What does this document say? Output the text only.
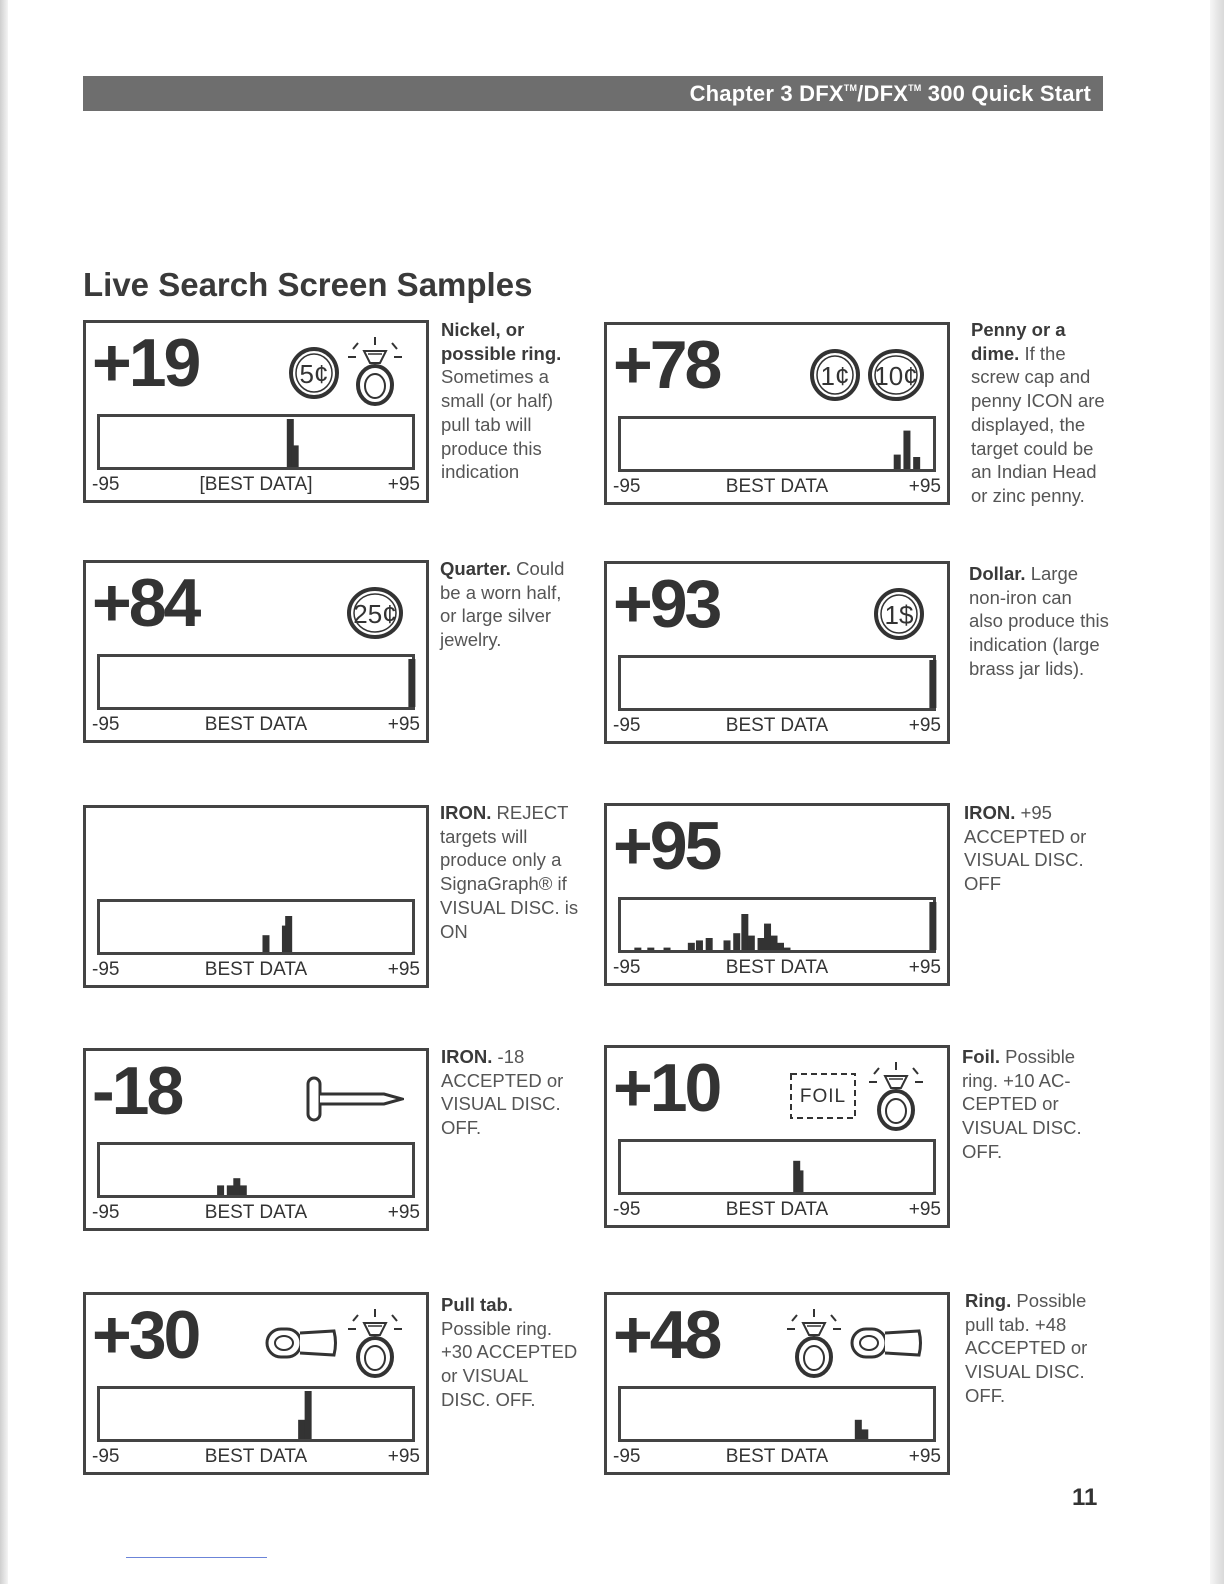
Chapter 3 DFX™/DFX™ 300 Quick Start
Live Search Screen Samples
+19	5¢
[BEST DATA]
-95	+95
Nickel, or possible ring. Sometimes a small (or half) pull tab will produce this indication
+78	1¢ 10¢
BEST DATA
-95	+95
Penny or a dime. If the screw cap and penny ICON are displayed, the target could be an Indian Head or zinc penny.
+84	25¢
BEST DATA
-95	+95
Quarter. Could be a worn half, or large silver jewelry.	+93	1$
BEST DATA
-95	+95
Dollar. Large non-iron can also produce this indication (large brass jar lids).
BEST DATA
-95	+95
IRON. REJECT targets will produce only a SignaGraph® if VISUAL DISC. is ON
+95
BEST DATA
-95	+95
IRON. +95 ACCEPTED or VISUAL DISC. OFF
-18
BEST DATA
-95	+95
IRON. -18 ACCEPTED or VISUAL DISC. OFF.
+10	FOIL
BEST DATA
-95	+95
Foil. Possible ring. +10 AC-CEPTED or VISUAL DISC. OFF.
+30
BEST DATA
-95	+95
Pull tab. Possible ring. +30 ACCEPTED or VISUAL DISC. OFF.
+48
BEST DATA
-95	+95
Ring. Possible pull tab. +48 ACCEPTED or VISUAL DISC. OFF.
11
